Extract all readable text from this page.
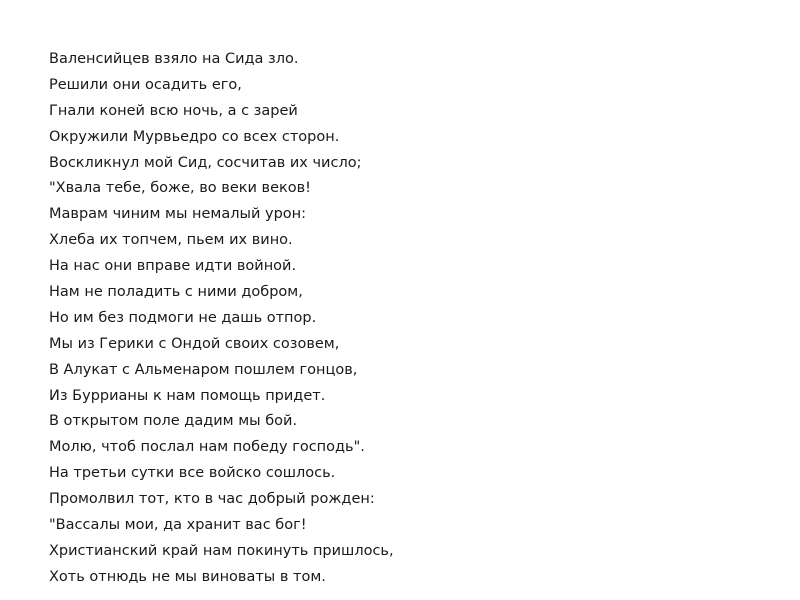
Валенсийцев взяло на Сида зло.
Решили они осадить его,
Гнали коней всю ночь, а с зарей
Окружили Мурвьедро со всех сторон.
Воскликнул мой Сид, сосчитав их число;
"Хвала тебе, боже, во веки веков!
Маврам чиним мы немалый урон:
Хлеба их топчем, пьем их вино.
На нас они вправе идти войной.
Нам не поладить с ними добром,
Но им без подмоги не дашь отпор.
Мы из Герики с Ондой своих созовем,
В Алукат с Альменаром пошлем гонцов,
Из Буррианы к нам помощь придет.
В открытом поле дадим мы бой.
Молю, чтоб послал нам победу господь".
На третьи сутки все войско сошлось.
Промолвил тот, кто в час добрый рожден:
"Вассалы мои, да хранит вас бог!
Христианский край нам покинуть пришлось,
Хоть отнюдь не мы виноваты в том.
